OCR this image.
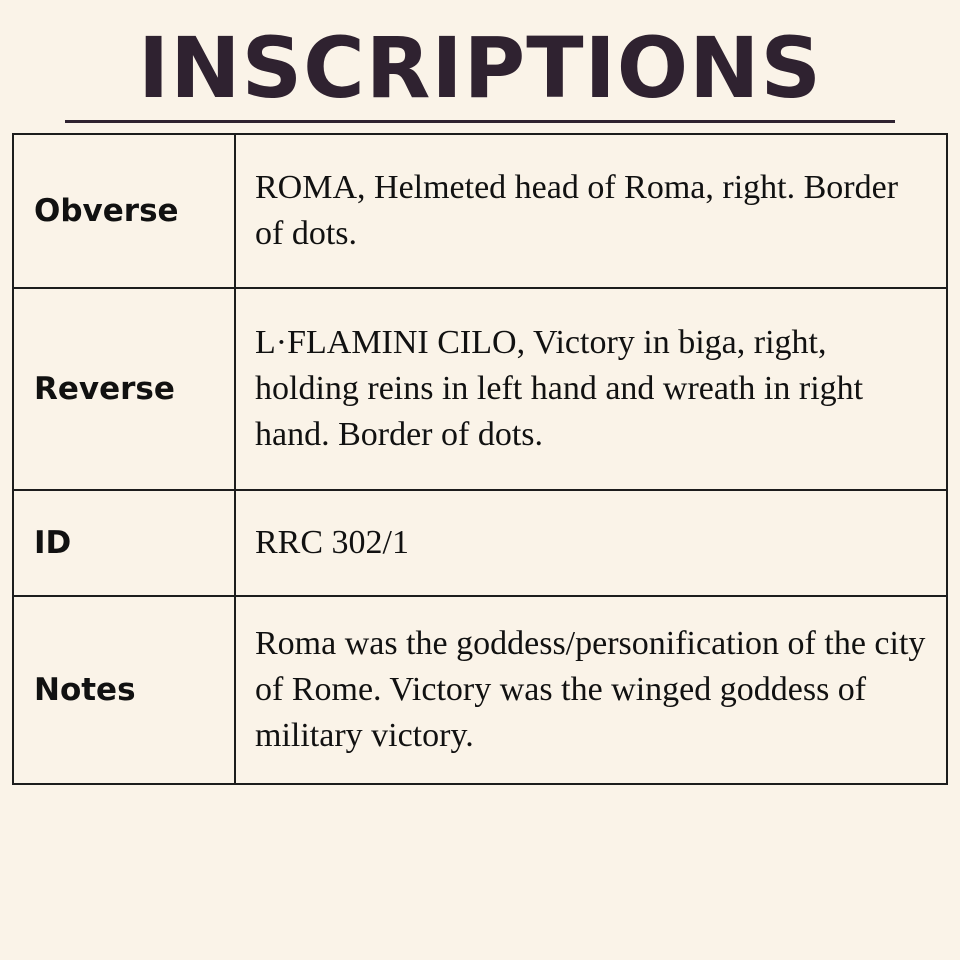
INSCRIPTIONS
Obverse	ROMA, Helmeted head of Roma, right. Border of dots.
Reverse	L·FLAMINI CILO, Victory in biga, right, holding reins in left hand and wreath in right hand. Border of dots.
ID	RRC 302/1
Notes	Roma was the goddess/personification of the city of Rome. Victory was the winged goddess of military victory.
